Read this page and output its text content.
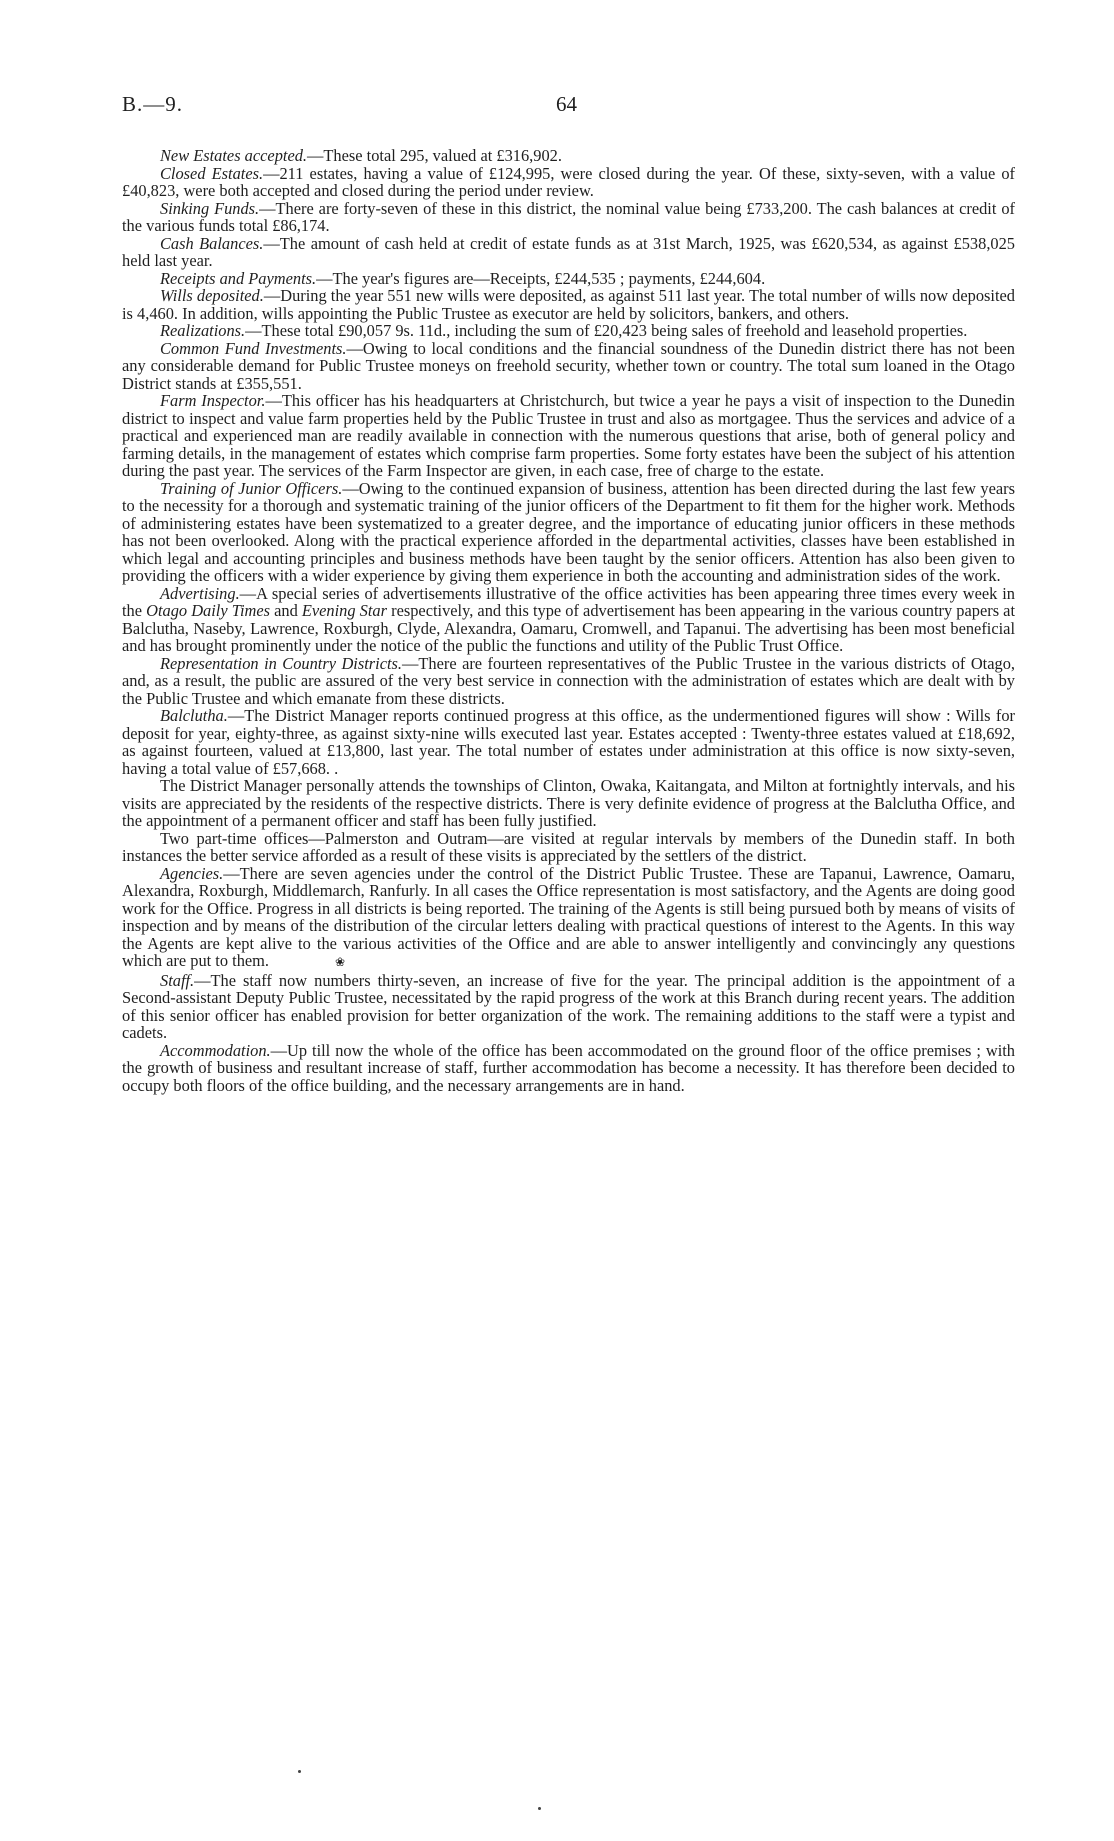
B.—9.	64

New Estates accepted.—These total 295, valued at £316,902.

Closed Estates.—211 estates, having a value of £124,995, were closed during the year. Of these, sixty-seven, with a value of £40,823, were both accepted and closed during the period under review.

Sinking Funds.—There are forty-seven of these in this district, the nominal value being £733,200. The cash balances at credit of the various funds total £86,174.

Cash Balances.—The amount of cash held at credit of estate funds as at 31st March, 1925, was £620,534, as against £538,025 held last year.

Receipts and Payments.—The year's figures are—Receipts, £244,535 ; payments, £244,604.

Wills deposited.—During the year 551 new wills were deposited, as against 511 last year. The total number of wills now deposited is 4,460. In addition, wills appointing the Public Trustee as executor are held by solicitors, bankers, and others.

Realizations.—These total £90,057 9s. 11d., including the sum of £20,423 being sales of freehold and leasehold properties.

Common Fund Investments.—Owing to local conditions and the financial soundness of the Dunedin district there has not been any considerable demand for Public Trustee moneys on freehold security, whether town or country. The total sum loaned in the Otago District stands at £355,551.

Farm Inspector.—This officer has his headquarters at Christchurch, but twice a year he pays a visit of inspection to the Dunedin district to inspect and value farm properties held by the Public Trustee in trust and also as mortgagee. Thus the services and advice of a practical and experienced man are readily available in connection with the numerous questions that arise, both of general policy and farming details, in the management of estates which comprise farm properties. Some forty estates have been the subject of his attention during the past year. The services of the Farm Inspector are given, in each case, free of charge to the estate.

Training of Junior Officers.—Owing to the continued expansion of business, attention has been directed during the last few years to the necessity for a thorough and systematic training of the junior officers of the Department to fit them for the higher work. Methods of administering estates have been systematized to a greater degree, and the importance of educating junior officers in these methods has not been overlooked. Along with the practical experience afforded in the departmental activities, classes have been established in which legal and accounting principles and business methods have been taught by the senior officers. Attention has also been given to providing the officers with a wider experience by giving them experience in both the accounting and administration sides of the work.

Advertising.—A special series of advertisements illustrative of the office activities has been appearing three times every week in the Otago Daily Times and Evening Star respectively, and this type of advertisement has been appearing in the various country papers at Balclutha, Naseby, Lawrence, Roxburgh, Clyde, Alexandra, Oamaru, Cromwell, and Tapanui. The advertising has been most beneficial and has brought prominently under the notice of the public the functions and utility of the Public Trust Office.

Representation in Country Districts.—There are fourteen representatives of the Public Trustee in the various districts of Otago, and, as a result, the public are assured of the very best service in connection with the administration of estates which are dealt with by the Public Trustee and which emanate from these districts.

Balclutha.—The District Manager reports continued progress at this office, as the undermentioned figures will show : Wills for deposit for year, eighty-three, as against sixty-nine wills executed last year. Estates accepted : Twenty-three estates valued at £18,692, as against fourteen, valued at £13,800, last year. The total number of estates under administration at this office is now sixty-seven, having a total value of £57,668. .

The District Manager personally attends the townships of Clinton, Owaka, Kaitangata, and Milton at fortnightly intervals, and his visits are appreciated by the residents of the respective districts. There is very definite evidence of progress at the Balclutha Office, and the appointment of a permanent officer and staff has been fully justified.

Two part-time offices—Palmerston and Outram—are visited at regular intervals by members of the Dunedin staff. In both instances the better service afforded as a result of these visits is appreciated by the settlers of the district.

Agencies.—There are seven agencies under the control of the District Public Trustee. These are Tapanui, Lawrence, Oamaru, Alexandra, Roxburgh, Middlemarch, Ranfurly. In all cases the Office representation is most satisfactory, and the Agents are doing good work for the Office. Progress in all districts is being reported. The training of the Agents is still being pursued both by means of visits of inspection and by means of the distribution of the circular letters dealing with practical questions of interest to the Agents. In this way the Agents are kept alive to the various activities of the Office and are able to answer intelligently and convincingly any questions which are put to them.	❀

Staff.—The staff now numbers thirty-seven, an increase of five for the year. The principal addition is the appointment of a Second-assistant Deputy Public Trustee, necessitated by the rapid progress of the work at this Branch during recent years. The addition of this senior officer has enabled provision for better organization of the work. The remaining additions to the staff were a typist and cadets.

Accommodation.—Up till now the whole of the office has been accommodated on the ground floor of the office premises ; with the growth of business and resultant increase of staff, further accommodation has become a necessity. It has therefore been decided to occupy both floors of the office building, and the necessary arrangements are in hand.
